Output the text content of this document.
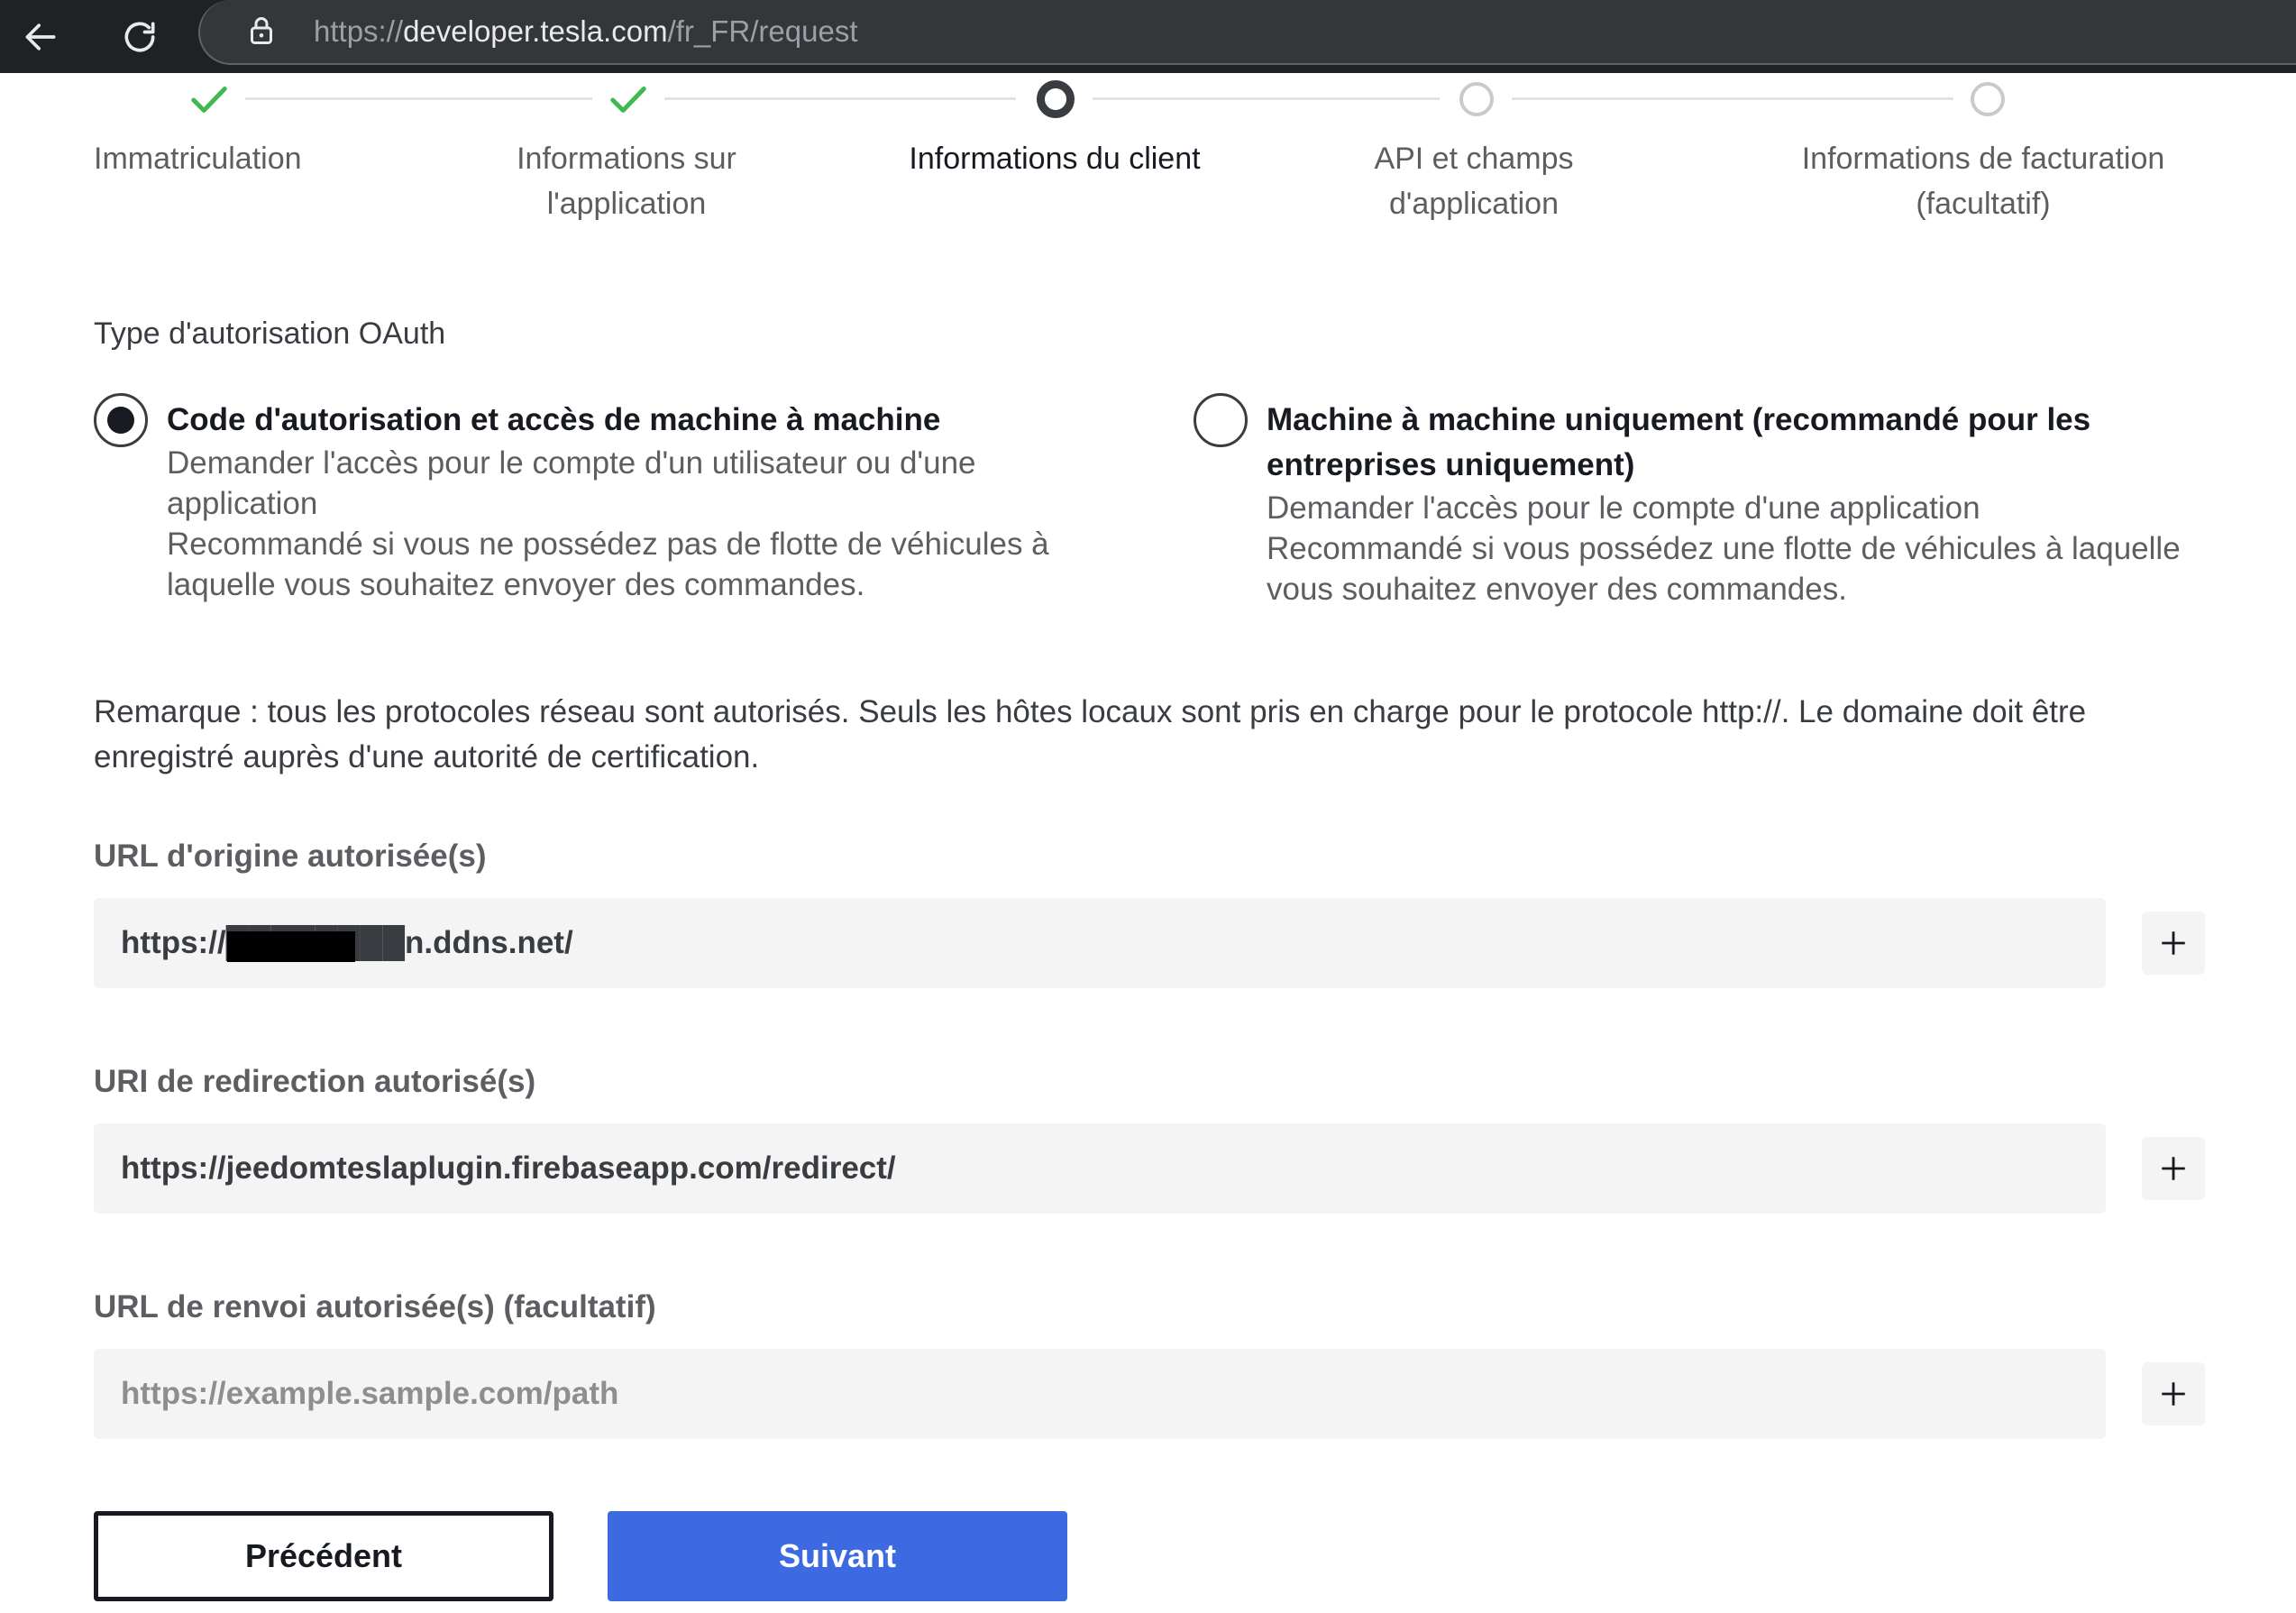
https://developer.tesla.com/fr_FR/request
Immatriculation	Informations sur l'application
Informations du client	API et champs d'application
Informations de facturation (facultatif)
Type d'autorisation OAuth
Code d'autorisation et accès de machine à machine
Demander l'accès pour le compte d'un utilisateur ou d'une application
Recommandé si vous ne possédez pas de flotte de véhicules à laquelle vous souhaitez envoyer des commandes.
Machine à machine uniquement (recommandé pour les entreprises uniquement)
Demander l'accès pour le compte d'une application
Recommandé si vous possédez une flotte de véhicules à laquelle vous souhaitez envoyer des commandes.
Remarque : tous les protocoles réseau sont autorisés. Seuls les hôtes locaux sont pris en charge pour le protocole http://. Le domaine doit être enregistré auprès d'une autorité de certification.
URL d'origine autorisée(s)
https://████████n.ddns.net/
URI de redirection autorisé(s)
https://jeedomteslaplugin.firebaseapp.com/redirect/
URL de renvoi autorisée(s) (facultatif)
https://example.sample.com/path
Précédent	Suivant
